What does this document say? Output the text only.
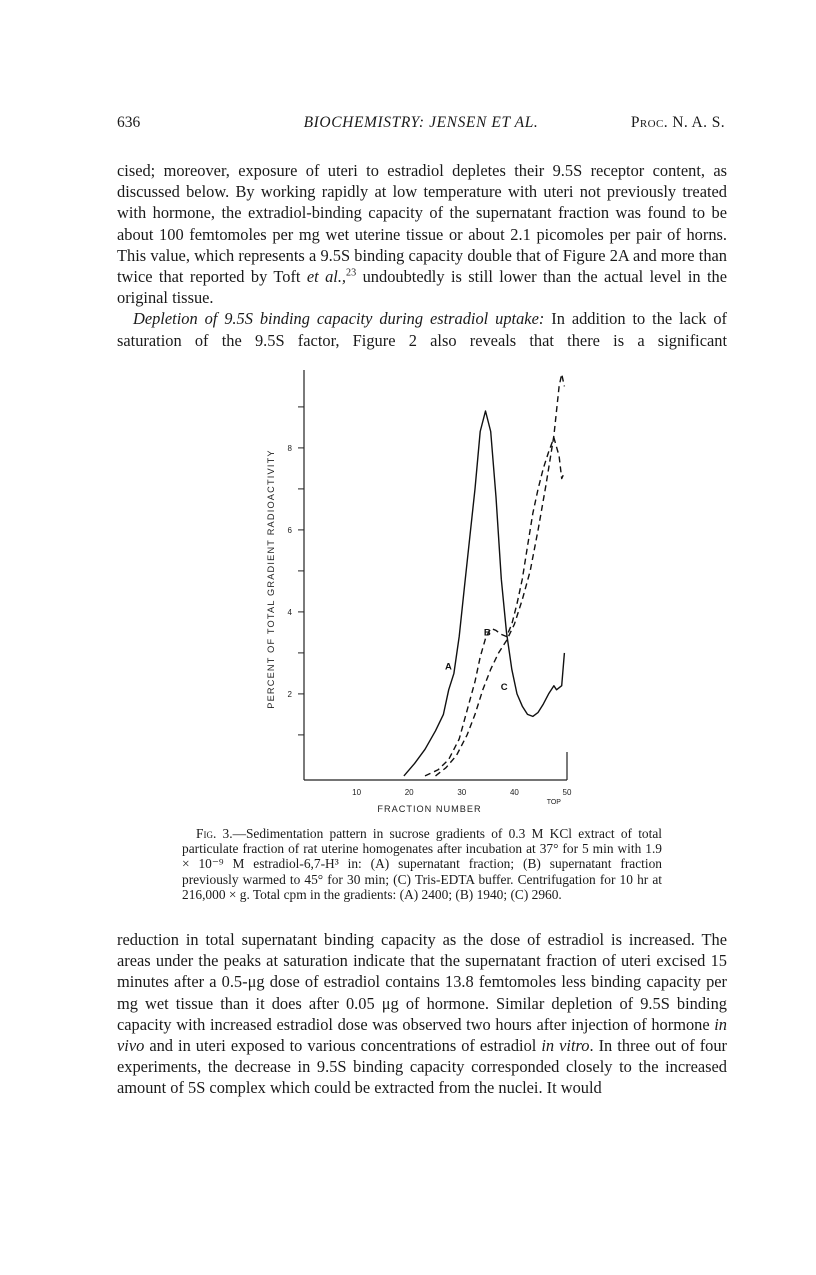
636	BIOCHEMISTRY: JENSEN ET AL.	Proc. N. A. S.

cised; moreover, exposure of uteri to estradiol depletes their 9.5S receptor content, as discussed below. By working rapidly at low temperature with uteri not previously treated with hormone, the extradiol-binding capacity of the supernatant fraction was found to be about 100 femtomoles per mg wet uterine tissue or about 2.1 picomoles per pair of horns. This value, which represents a 9.5S binding capacity double that of Figure 2A and more than twice that reported by Toft et al.,$^{23}$ undoubtedly is still lower than the actual level in the original tissue.

Depletion of 9.5S binding capacity during estradiol uptake: In addition to the lack of saturation of the 9.5S factor, Figure 2 also reveals that there is a significant

2
4
6
8
10	20	30	40	50
PERCENT OF TOTAL GRADIENT RADIOACTIVITY
FRACTION NUMBER
TOP
A
B
C

Fig. 3.—Sedimentation pattern in sucrose gradients of 0.3 M KCl extract of total particulate fraction of rat uterine homogenates after incubation at 37° for 5 min with 1.9 × 10⁻⁹ M estradiol-6,7-H³ in: (A) supernatant fraction; (B) supernatant fraction previously warmed to 45° for 30 min; (C) Tris-EDTA buffer. Centrifugation for 10 hr at 216,000 × g. Total cpm in the gradients: (A) 2400; (B) 1940; (C) 2960.

reduction in total supernatant binding capacity as the dose of estradiol is increased. The areas under the peaks at saturation indicate that the supernatant fraction of uteri excised 15 minutes after a 0.5-μg dose of estradiol contains 13.8 femtomoles less binding capacity per mg wet tissue than it does after 0.05 μg of hormone. Similar depletion of 9.5S binding capacity with increased estradiol dose was observed two hours after injection of hormone in vivo and in uteri exposed to various concentrations of estradiol in vitro. In three out of four experiments, the decrease in 9.5S binding capacity corresponded closely to the increased amount of 5S complex which could be extracted from the nuclei. It would
